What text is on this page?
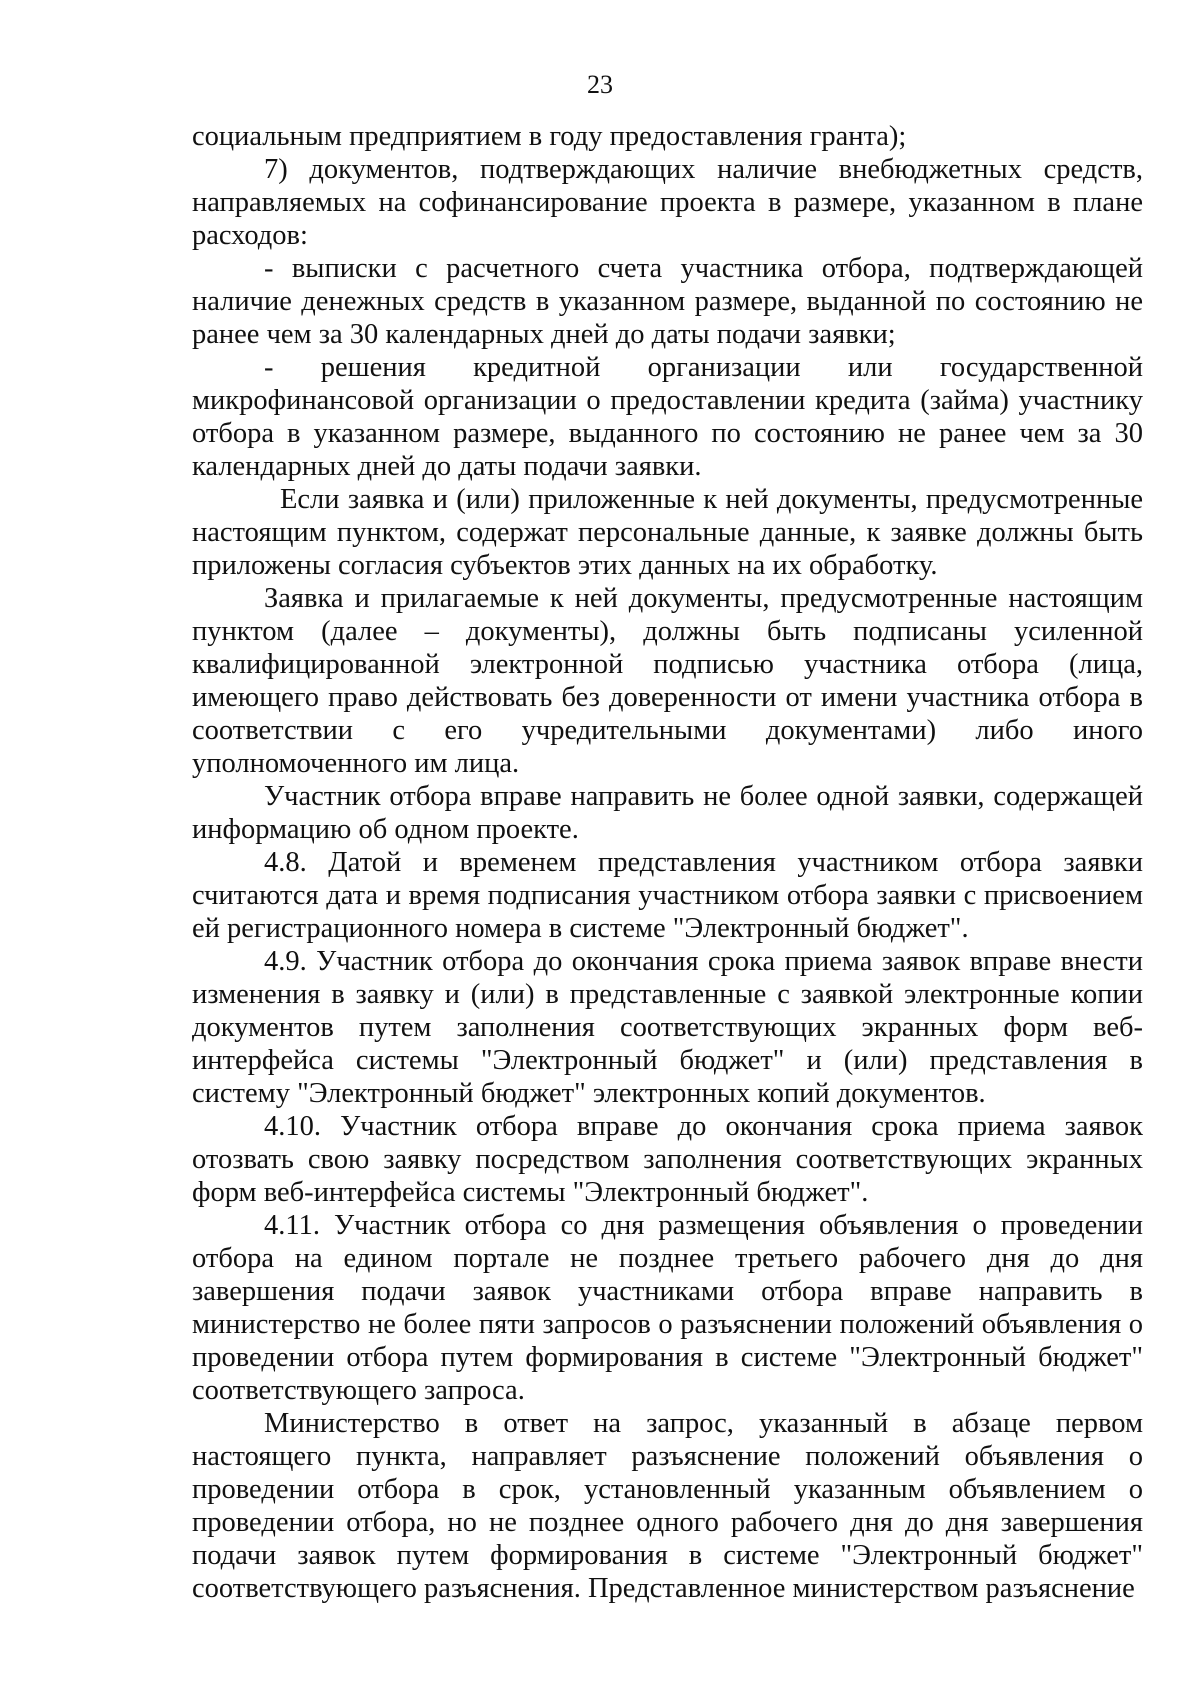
23

социальным предприятием в году предоставления гранта);

7) документов, подтверждающих наличие внебюджетных средств, направляемых на софинансирование проекта в размере, указанном в плане расходов:

- выписки с расчетного счета участника отбора, подтверждающей наличие денежных средств в указанном размере, выданной по состоянию не ранее чем за 30 календарных дней до даты подачи заявки;

- решения кредитной организации или государственной микрофинансовой организации о предоставлении кредита (займа) участнику отбора в указанном размере, выданного по состоянию не ранее чем за 30 календарных дней до даты подачи заявки.

Если заявка и (или) приложенные к ней документы, предусмотренные настоящим пунктом, содержат персональные данные, к заявке должны быть приложены согласия субъектов этих данных на их обработку.

Заявка и прилагаемые к ней документы, предусмотренные настоящим пунктом (далее – документы), должны быть подписаны усиленной квалифицированной электронной подписью участника отбора (лица, имеющего право действовать без доверенности от имени участника отбора в соответствии с его учредительными документами) либо иного уполномоченного им лица.

Участник отбора вправе направить не более одной заявки, содержащей информацию об одном проекте.

4.8. Датой и временем представления участником отбора заявки считаются дата и время подписания участником отбора заявки с присвоением ей регистрационного номера в системе "Электронный бюджет".

4.9. Участник отбора до окончания срока приема заявок вправе внести изменения в заявку и (или) в представленные с заявкой электронные копии документов путем заполнения соответствующих экранных форм веб-интерфейса системы "Электронный бюджет" и (или) представления в систему "Электронный бюджет" электронных копий документов.

4.10. Участник отбора вправе до окончания срока приема заявок отозвать свою заявку посредством заполнения соответствующих экранных форм веб-интерфейса системы "Электронный бюджет".

4.11. Участник отбора со дня размещения объявления о проведении отбора на едином портале не позднее третьего рабочего дня до дня завершения подачи заявок участниками отбора вправе направить в министерство не более пяти запросов о разъяснении положений объявления о проведении отбора путем формирования в системе "Электронный бюджет" соответствующего запроса.

Министерство в ответ на запрос, указанный в абзаце первом настоящего пункта, направляет разъяснение положений объявления о проведении отбора в срок, установленный указанным объявлением о проведении отбора, но не позднее одного рабочего дня до дня завершения подачи заявок путем формирования в системе "Электронный бюджет" соответствующего разъяснения. Представленное министерством разъяснение
